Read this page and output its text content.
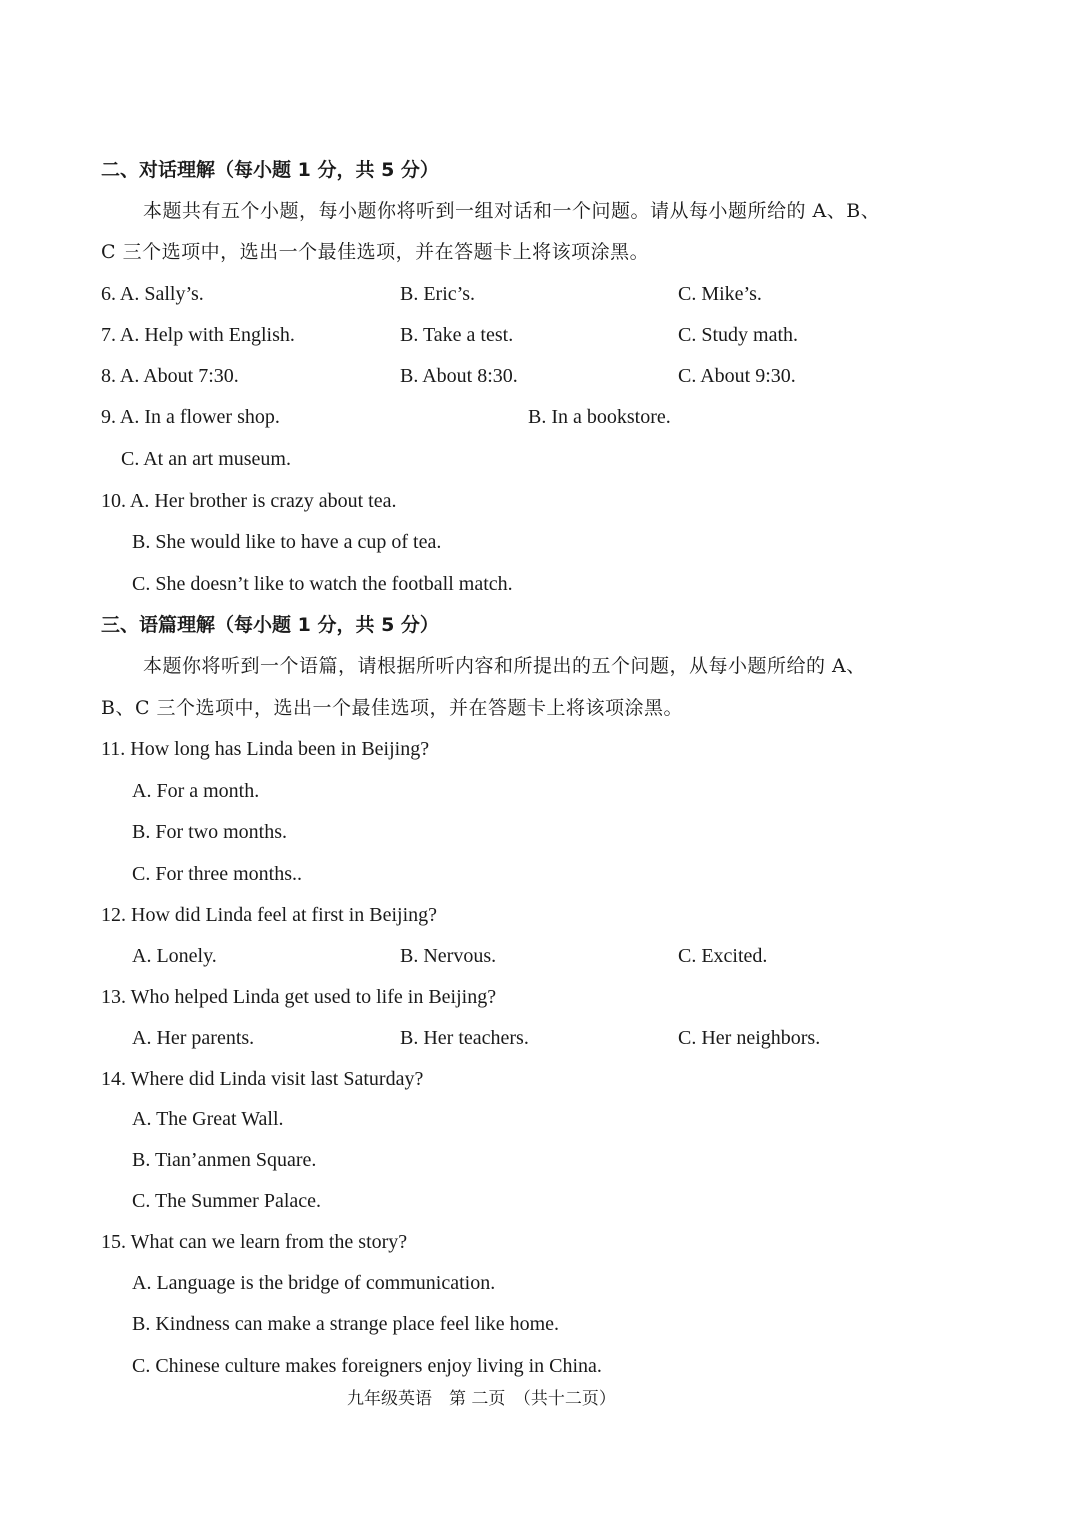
二、对话理解（每小题 1 分，共 5 分）
本题共有五个小题，每小题你将听到一组对话和一个问题。请从每小题所给的 A、B、
C 三个选项中，选出一个最佳选项，并在答题卡上将该项涂黑。
6. A. Sally’s.	B. Eric’s.	C. Mike’s.
7. A. Help with English.	B. Take a test.	C. Study math.
8. A. About 7:30.	B. About 8:30.	C. About 9:30.
9. A. In a flower shop.	B. In a bookstore.
C. At an art museum.
10. A. Her brother is crazy about tea.
B. She would like to have a cup of tea.
C. She doesn’t like to watch the football match.
三、语篇理解（每小题 1 分，共 5 分）
本题你将听到一个语篇，请根据所听内容和所提出的五个问题，从每小题所给的 A、
B、C 三个选项中，选出一个最佳选项，并在答题卡上将该项涂黑。
11. How long has Linda been in Beijing?
A. For a month.
B. For two months.
C. For three months..
12. How did Linda feel at first in Beijing?
A. Lonely.	B. Nervous.	C. Excited.
13. Who helped Linda get used to life in Beijing?
A. Her parents.	B. Her teachers.	C. Her neighbors.
14. Where did Linda visit last Saturday?
A. The Great Wall.
B. Tian’anmen Square.
C. The Summer Palace.
15. What can we learn from the story?
A. Language is the bridge of communication.
B. Kindness can make a strange place feel like home.
C. Chinese culture makes foreigners enjoy living in China.
九年级英语　第 二页　（共十二页）
